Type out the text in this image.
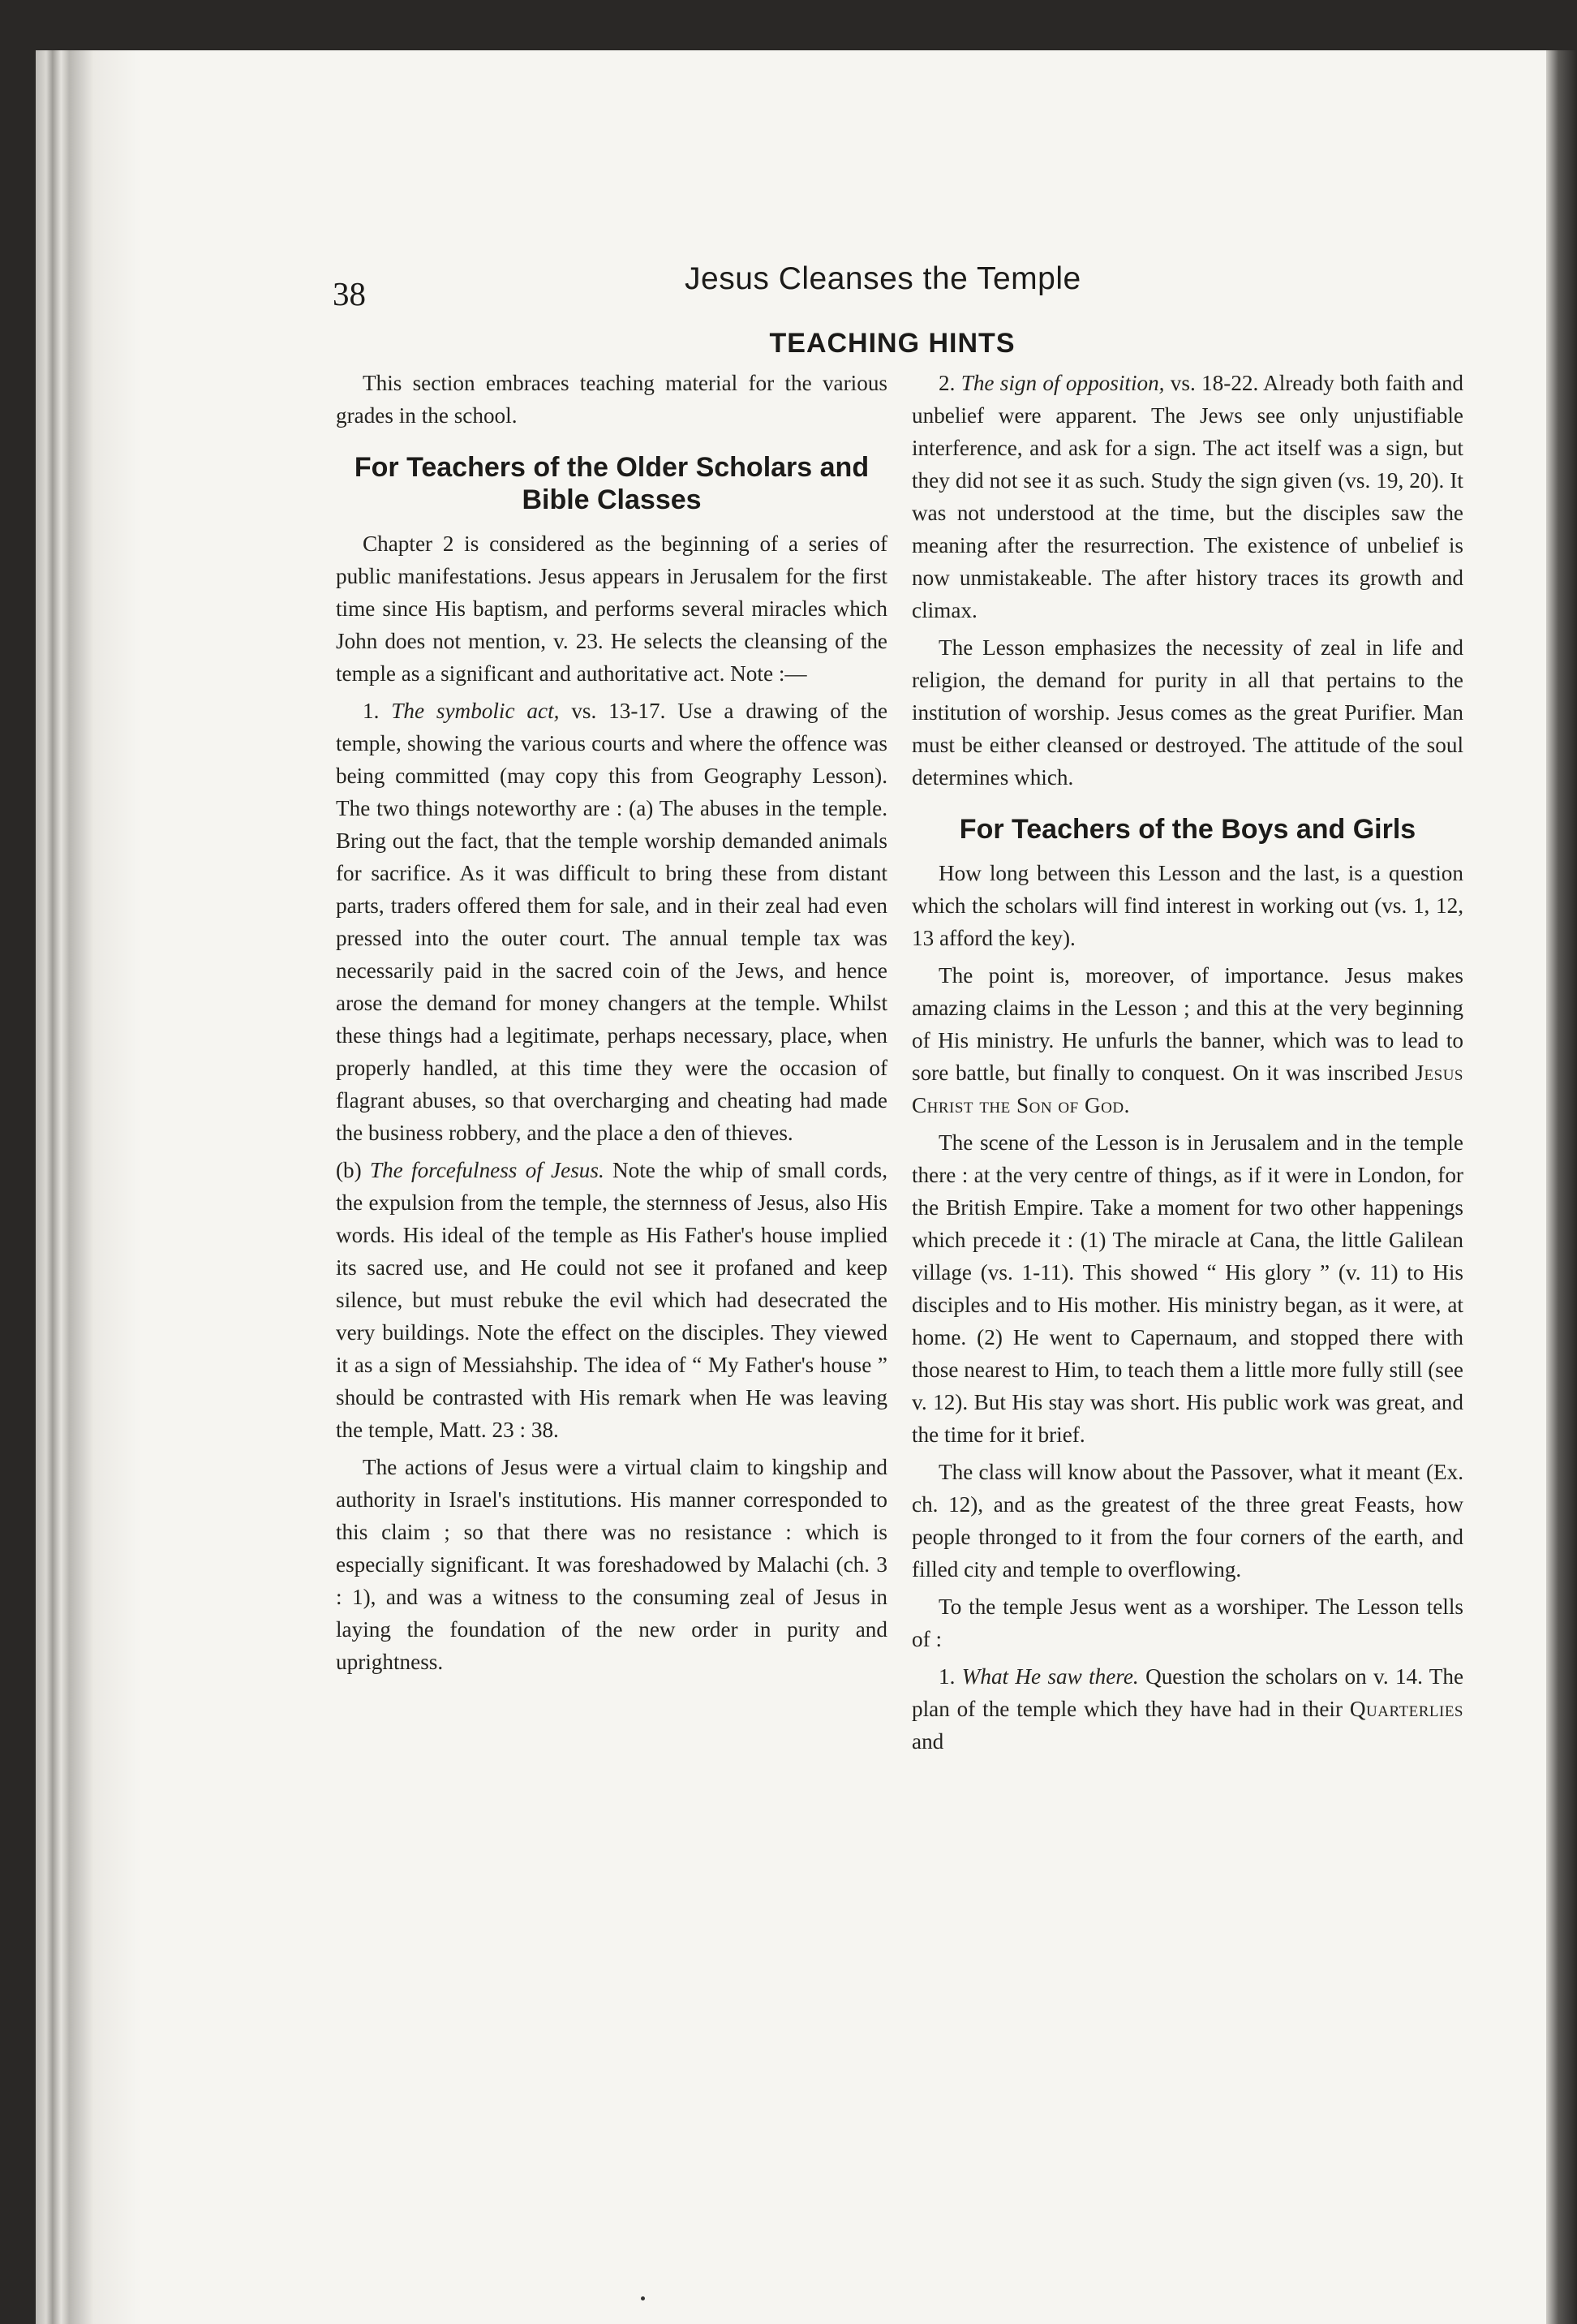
38	Jesus Cleanses the Temple
TEACHING HINTS

This section embraces teaching material for the various grades in the school.

For Teachers of the Older Scholars and Bible Classes

Chapter 2 is considered as the beginning of a series of public manifestations. Jesus appears in Jerusalem for the first time since His baptism, and performs several miracles which John does not mention, v. 23. He selects the cleansing of the temple as a significant and authoritative act. Note :—

1. The symbolic act, vs. 13-17. Use a drawing of the temple, showing the various courts and where the offence was being committed (may copy this from Geography Lesson). The two things noteworthy are : (a) The abuses in the temple. Bring out the fact, that the temple worship demanded animals for sacrifice. As it was difficult to bring these from distant parts, traders offered them for sale, and in their zeal had even pressed into the outer court. The annual temple tax was necessarily paid in the sacred coin of the Jews, and hence arose the demand for money changers at the temple. Whilst these things had a legitimate, perhaps necessary, place, when properly handled, at this time they were the occasion of flagrant abuses, so that overcharging and cheating had made the business robbery, and the place a den of thieves.

(b) The forcefulness of Jesus. Note the whip of small cords, the expulsion from the temple, the sternness of Jesus, also His words. His ideal of the temple as His Father's house implied its sacred use, and He could not see it profaned and keep silence, but must rebuke the evil which had desecrated the very buildings. Note the effect on the disciples. They viewed it as a sign of Messiahship. The idea of “ My Father's house ” should be contrasted with His remark when He was leaving the temple, Matt. 23 : 38.

The actions of Jesus were a virtual claim to kingship and authority in Israel's institutions. His manner corresponded to this claim ; so that there was no resistance : which is especially significant. It was foreshadowed by Malachi (ch. 3 : 1), and was a witness to the consuming zeal of Jesus in laying the foundation of the new order in purity and uprightness.

2. The sign of opposition, vs. 18-22. Already both faith and unbelief were apparent. The Jews see only unjustifiable interference, and ask for a sign. The act itself was a sign, but they did not see it as such. Study the sign given (vs. 19, 20). It was not understood at the time, but the disciples saw the meaning after the resurrection. The existence of unbelief is now unmistakeable. The after history traces its growth and climax.

The Lesson emphasizes the necessity of zeal in life and religion, the demand for purity in all that pertains to the institution of worship. Jesus comes as the great Purifier. Man must be either cleansed or destroyed. The attitude of the soul determines which.

For Teachers of the Boys and Girls

How long between this Lesson and the last, is a question which the scholars will find interest in working out (vs. 1, 12, 13 afford the key).

The point is, moreover, of importance. Jesus makes amazing claims in the Lesson ; and this at the very beginning of His ministry. He unfurls the banner, which was to lead to sore battle, but finally to conquest. On it was inscribed Jesus Christ the Son of God.

The scene of the Lesson is in Jerusalem and in the temple there : at the very centre of things, as if it were in London, for the British Empire. Take a moment for two other happenings which precede it : (1) The miracle at Cana, the little Galilean village (vs. 1-11). This showed “ His glory ” (v. 11) to His disciples and to His mother. His ministry began, as it were, at home. (2) He went to Capernaum, and stopped there with those nearest to Him, to teach them a little more fully still (see v. 12). But His stay was short. His public work was great, and the time for it brief.

The class will know about the Passover, what it meant (Ex. ch. 12), and as the greatest of the three great Feasts, how people thronged to it from the four corners of the earth, and filled city and temple to overflowing.

To the temple Jesus went as a worshiper. The Lesson tells of :

1. What He saw there. Question the scholars on v. 14. The plan of the temple which they have had in their Quarterlies and
